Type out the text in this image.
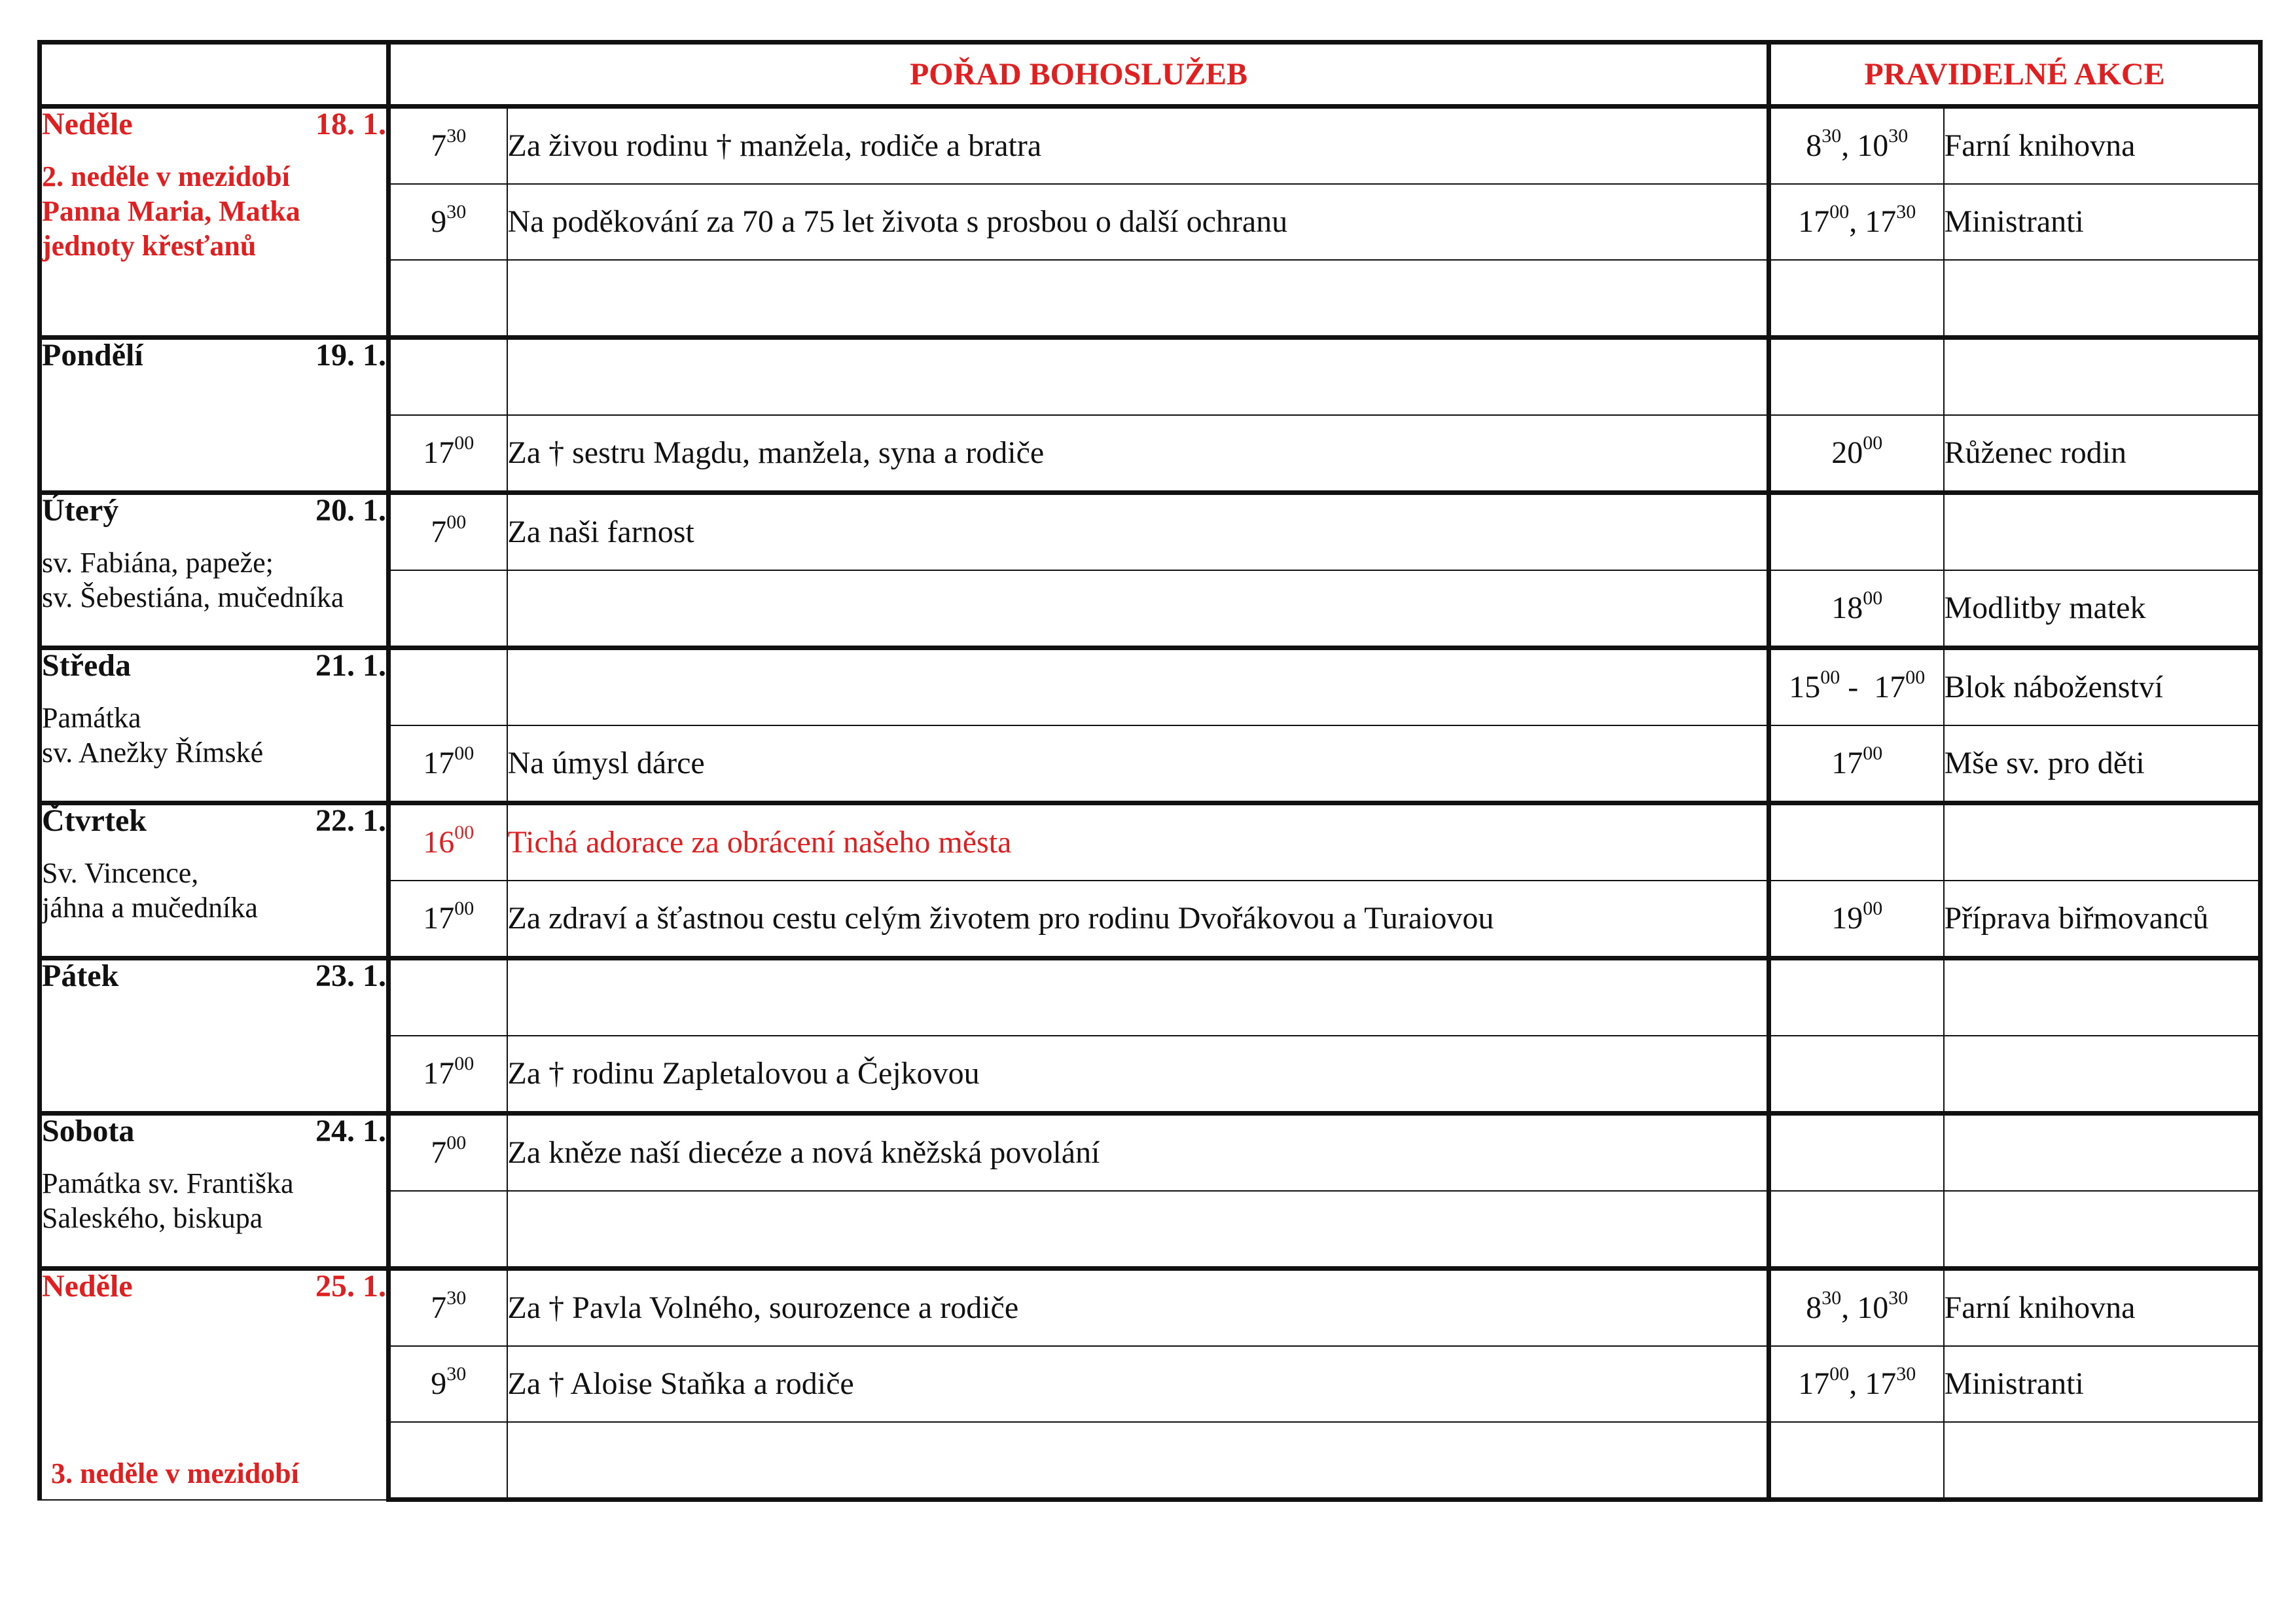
	POŘAD BOHOSLUŽEB		PRAVIDELNÉ AKCE	

Neděle 18. 1.
2. neděle v mezidobí
Panna Maria, Matka
jednoty křesťanů	$7^{30}$	Za živou rodinu † manžela, rodiče a bratra	$8^{30}$, $10^{30}$	Farní knihovna
	$9^{30}$	Na poděkování za 70 a 75 let života s prosbou o další ochranu	$17^{00}$, $17^{30}$	Ministranti

Pondělí 19. 1.				

	$17^{00}$	Za † sestru Magdu, manžela, syna a rodiče	$20^{00}$	Růženec rodin

Úterý 20. 1.
sv. Fabiána, papeže;
sv. Šebestiána, mučedníka	$7^{00}$	Za naši farnost		
			$18^{00}$	Modlitby matek

Středa 21. 1.
Památka
sv. Anežky Římské			$15^{00} - 17^{00}$	Blok náboženství
	$17^{00}$	Na úmysl dárce	$17^{00}$	Mše sv. pro děti

Čtvrtek 22. 1.
Sv. Vincence,
jáhna a mučedníka	$16^{00}$	Tichá adorace za obrácení našeho města		
	$17^{00}$	Za zdraví a šťastnou cestu celým životem pro rodinu Dvořákovou a Turaiovou	$19^{00}$	Příprava biřmovanců

Pátek 23. 1.				

	$17^{00}$	Za † rodinu Zapletalovou a Čejkovou		

Sobota 24. 1.
Památka sv. Františka
Saleského, biskupa	$7^{00}$	Za kněze naší diecéze a nová kněžská povolání		

Neděle 25. 1.
3. neděle v mezidobí	$7^{30}$	Za † Pavla Volného, sourozence a rodiče	$8^{30}$, $10^{30}$	Farní knihovna
	$9^{30}$	Za † Aloise Staňka a rodiče	$17^{00}$, $17^{30}$	Ministranti
